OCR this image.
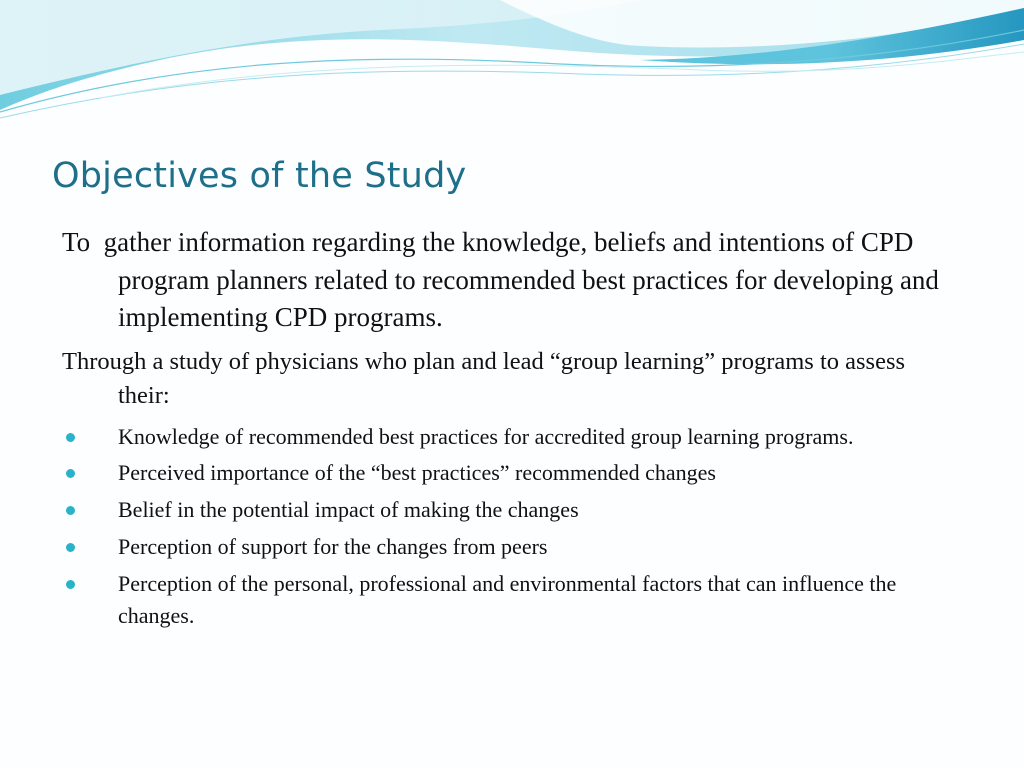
Objectives of the Study

To  gather information regarding the knowledge, beliefs and intentions of CPD program planners related to recommended best practices for developing and implementing CPD programs.

Through a study of physicians who plan and lead “group learning” programs to assess their:

Knowledge of recommended best practices for accredited group learning programs.
Perceived importance of the “best practices” recommended changes
Belief in the potential impact of making the changes
Perception of support for the changes from peers
Perception of the personal, professional and environmental factors that can influence the changes.
